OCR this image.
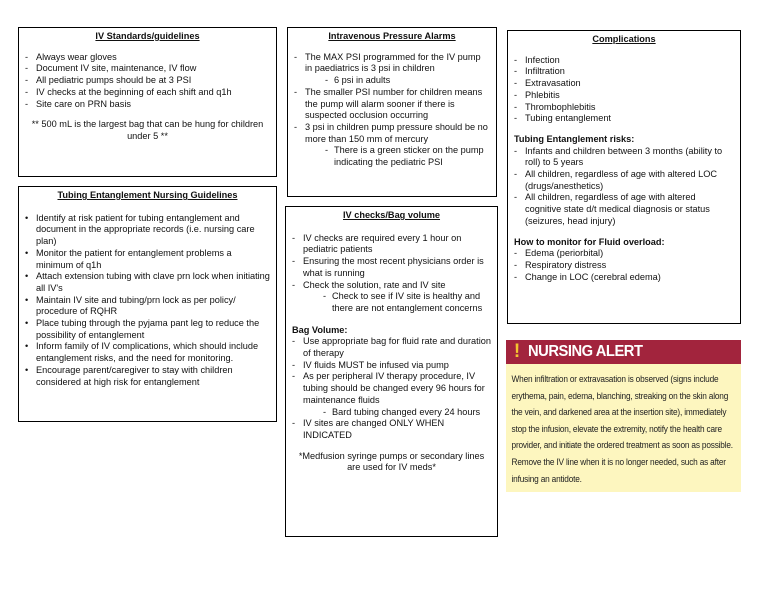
IV Standards/guidelines
- Always wear gloves
- Document IV site, maintenance, IV flow
- All pediatric pumps should be at 3 PSI
- IV checks at the beginning of each shift and q1h
- Site care on PRN basis
** 500 mL is the largest bag that can be hung for children under 5 **
Intravenous Pressure Alarms
- The MAX PSI programmed for the IV pump in paediatrics is 3 psi in children
- 6 psi in adults
- The smaller PSI number for children means the pump will alarm sooner if there is suspected occlusion occurring
- 3 psi in children pump pressure should be no more than 150 mm of mercury
- There is a green sticker on the pump indicating the pediatric PSI
Complications
- Infection
- Infiltration
- Extravasation
- Phlebitis
- Thrombophlebitis
- Tubing entanglement
Tubing Entanglement risks:
- Infants and children between 3 months (ability to roll) to 5 years
- All children, regardless of age with altered LOC (drugs/anesthetics)
- All children, regardless of age with altered cognitive state d/t medical diagnosis or status (seizures, head injury)
How to monitor for Fluid overload:
- Edema (periorbital)
- Respiratory distress
- Change in LOC (cerebral edema)
Tubing Entanglement Nursing Guidelines
• Identify at risk patient for tubing entanglement and document in the appropriate records (i.e. nursing care plan)
• Monitor the patient for entanglement problems a minimum of q1h
• Attach extension tubing with clave prn lock when initiating all IV's
• Maintain IV site and tubing/prn lock as per policy/ procedure of RQHR
• Place tubing through the pyjama pant leg to reduce the possibility of entanglement
• Inform family of IV complications, which should include entanglement risks, and the need for monitoring.
• Encourage parent/caregiver to stay with children considered at high risk for entanglement
IV checks/Bag volume
- IV checks are required every 1 hour on pediatric patients
- Ensuring the most recent physicians order is what is running
- Check the solution, rate and IV site
- Check to see if IV site is healthy and there are not entanglement concerns
Bag Volume:
- Use appropriate bag for fluid rate and duration of therapy
- IV fluids MUST be infused via pump
- As per peripheral IV therapy procedure, IV tubing should be changed every 96 hours for maintenance fluids
- Bard tubing changed every 24 hours
- IV sites are changed ONLY WHEN INDICATED
*Medfusion syringe pumps or secondary lines are used for IV meds*
! NURSING ALERT
When infiltration or extravasation is observed (signs include erythema, pain, edema, blanching, streaking on the skin along the vein, and darkened area at the insertion site), immediately stop the infusion, elevate the extremity, notify the health care provider, and initiate the ordered treatment as soon as possible. Remove the IV line when it is no longer needed, such as after infusing an antidote.
